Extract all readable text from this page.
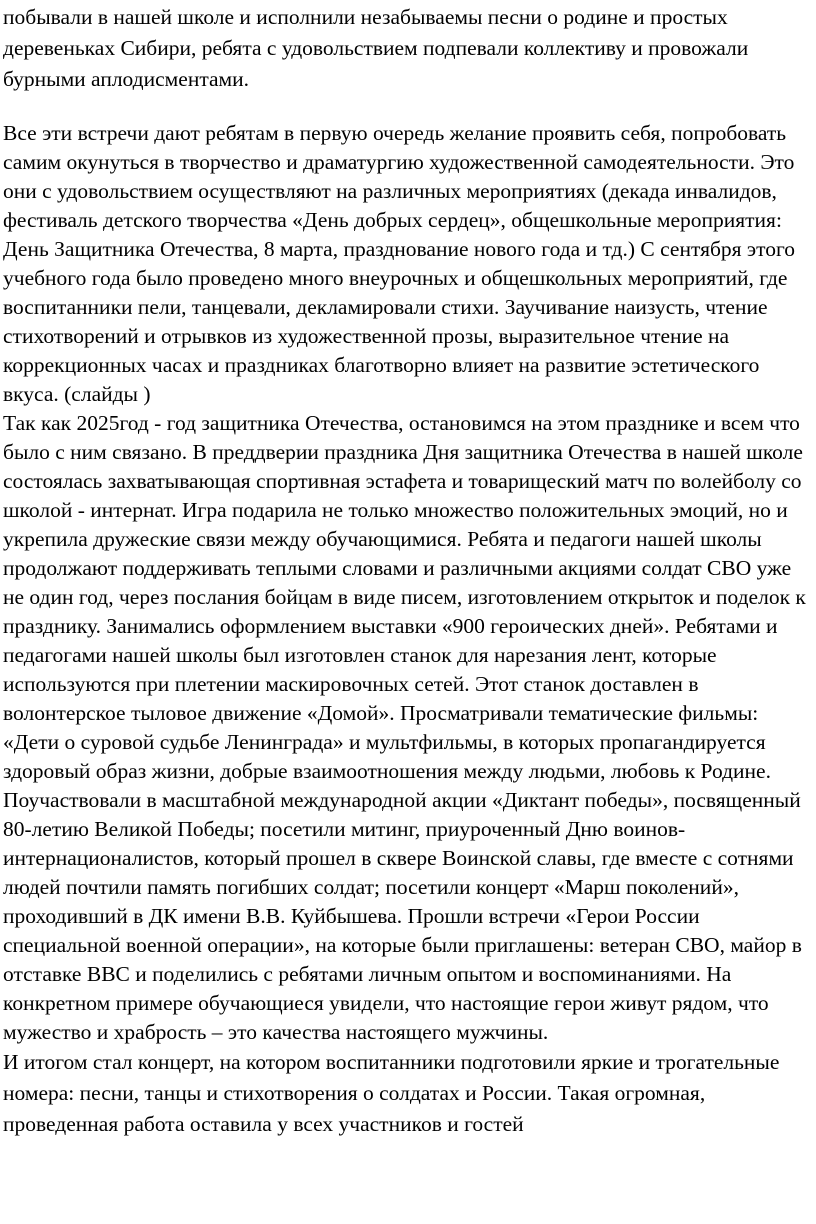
побывали в нашей школе и исполнили незабываемы песни о родине и простых деревеньках Сибири, ребята с удовольствием подпевали коллективу и провожали бурными аплодисментами.

Все эти встречи дают ребятам в первую очередь желание проявить себя, попробовать самим окунуться в творчество и драматургию художественной самодеятельности. Это они с удовольствием осуществляют на различных мероприятиях (декада инвалидов, фестиваль детского творчества «День добрых сердец», общешкольные мероприятия: День Защитника Отечества, 8 марта, празднование нового года и тд.) С сентября этого учебного года было проведено много внеурочных и общешкольных мероприятий, где воспитанники пели, танцевали, декламировали стихи. Заучивание наизусть, чтение стихотворений и отрывков из художественной прозы, выразительное чтение на коррекционных часах и праздниках благотворно влияет на развитие эстетического вкуса. (слайды )

Так как 2025год - год защитника Отечества, остановимся на этом празднике и всем что было с ним связано. В преддверии праздника Дня защитника Отечества в нашей школе состоялась захватывающая спортивная эстафета и товарищеский матч по волейболу со школой - интернат. Игра подарила не только множество положительных эмоций, но и укрепила дружеские связи между обучающимися. Ребята и педагоги нашей школы продолжают поддерживать теплыми словами и различными акциями солдат СВО уже не один год, через послания бойцам в виде писем, изготовлением открыток и поделок к празднику. Занимались оформлением выставки «900 героических дней». Ребятами и педагогами нашей школы был изготовлен станок для нарезания лент, которые используются при плетении маскировочных сетей. Этот станок доставлен в волонтерское тыловое движение «Домой». Просматривали тематические фильмы: «Дети о суровой судьбе Ленинграда» и мультфильмы, в которых пропагандируется здоровый образ жизни, добрые взаимоотношения между людьми, любовь к Родине. Поучаствовали в масштабной международной акции «Диктант победы», посвященный 80-летию Великой Победы; посетили митинг, приуроченный Дню воинов-интернационалистов, который прошел в сквере Воинской славы, где вместе с сотнями людей почтили память погибших солдат; посетили концерт «Марш поколений», проходивший в ДК имени В.В. Куйбышева. Прошли встречи «Герои России специальной военной операции», на которые были приглашены: ветеран СВО, майор в отставке ВВС и поделились с ребятами личным опытом и воспоминаниями. На конкретном примере обучающиеся увидели, что настоящие герои живут рядом, что мужество и храбрость – это качества настоящего мужчины.

И итогом стал концерт, на котором воспитанники подготовили яркие и трогательные номера: песни, танцы и стихотворения о солдатах и России. Такая огромная, проведенная работа оставила у всех участников и гостей
